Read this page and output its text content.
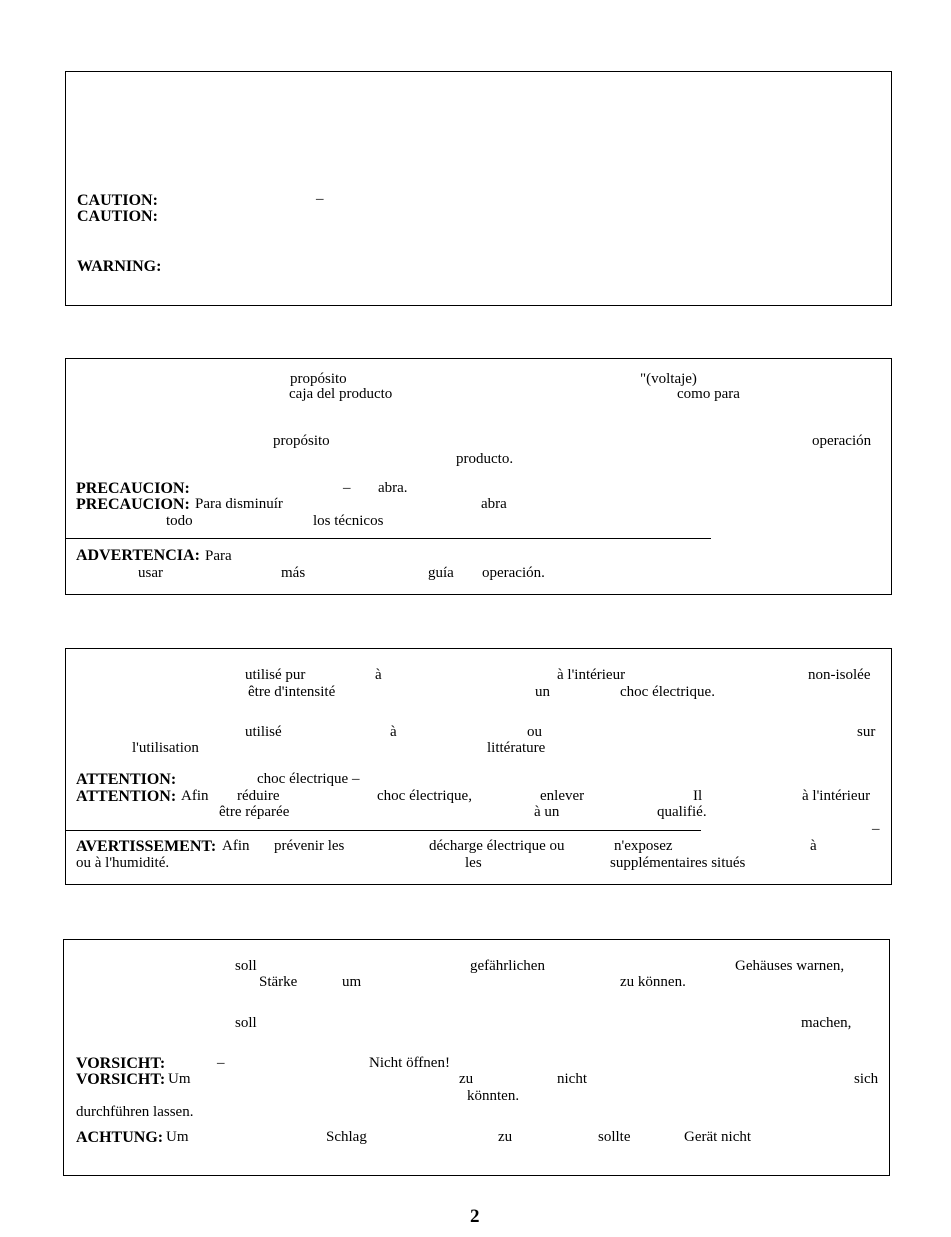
CAUTION:	–
CAUTION:
WARNING:
propósito	"(voltaje)
caja del producto	como para
propósito	operación
producto.
PRECAUCION:	– abra.
PRECAUCION: Para disminuír	abra
todo	los técnicos
ADVERTENCIA: Para
usar	más	guía operación.
utilisé pur	à	à l'intérieur	non-isolée
être d'intensité	un	choc électrique.
utilisé	à	ou	sur
l'utilisation	littérature
ATTENTION:	choc électrique –
ATTENTION: Afin réduire	choc électrique,	enlever	Il	à l'intérieur
être réparée	à un	qualifié.
–
AVERTISSEMENT: Afin prévenir les	décharge électrique ou	n'exposez	à
ou à l'humidité.	les	supplémentaires situés
soll	gefährlichen	Gehäuses warnen,
Stärke	um	zu können.
soll	machen,
VORSICHT:	–	Nicht öffnen!
VORSICHT: Um	zu	nicht	sich
könnten.
durchführen lassen.
ACHTUNG: Um	Schlag	zu	sollte	Gerät nicht
2
